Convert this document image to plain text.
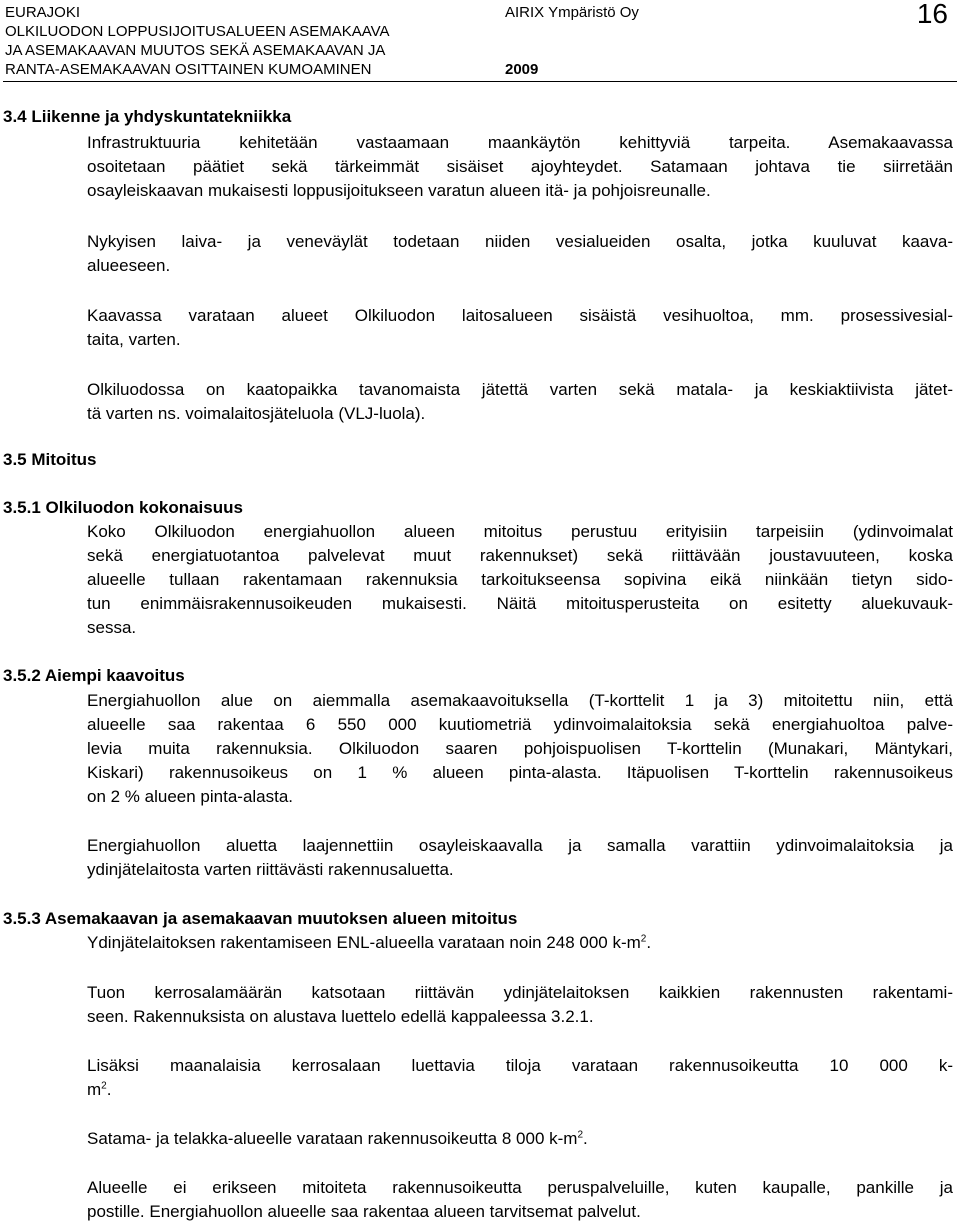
EURAJOKI
OLKILUODON LOPPUSIJOITUSALUEEN ASEMAKAAVA
JA ASEMAKAAVAN MUUTOS SEKÄ ASEMAKAAVAN JA
RANTA-ASEMAKAAVAN OSITTAINEN KUMOAMINEN
AIRIX Ympäristö Oy
2009
16
3.4 Liikenne ja yhdyskuntatekniikka
Infrastruktuuria kehitetään vastaamaan maankäytön kehittyviä tarpeita. Asemakaavassa
osoitetaan päätiet sekä tärkeimmät sisäiset ajoyhteydet. Satamaan johtava tie siirretään
osayleiskaavan mukaisesti loppusijoitukseen varatun alueen itä- ja pohjoisreunalle.
Nykyisen laiva- ja veneväylät todetaan niiden vesialueiden osalta, jotka kuuluvat kaava-
alueeseen.
Kaavassa varataan alueet Olkiluodon laitosalueen sisäistä vesihuoltoa, mm. prosessivesial-
taita, varten.
Olkiluodossa on kaatopaikka tavanomaista jätettä varten sekä matala- ja keskiaktiivista jätet-
tä varten ns. voimalaitosjäteluola (VLJ-luola).
3.5 Mitoitus
3.5.1 Olkiluodon kokonaisuus
Koko Olkiluodon energiahuollon alueen mitoitus perustuu erityisiin tarpeisiin (ydinvoimalat
sekä energiatuotantoa palvelevat muut rakennukset) sekä riittävään joustavuuteen, koska
alueelle tullaan rakentamaan rakennuksia tarkoitukseensa sopivina eikä niinkään tietyn sido-
tun enimmäisrakennusoikeuden mukaisesti. Näitä mitoitusperusteita on esitetty aluekuvauk-
sessa.
3.5.2 Aiempi kaavoitus
Energiahuollon alue on aiemmalla asemakaavoituksella (T-korttelit 1 ja 3) mitoitettu niin, että
alueelle saa rakentaa 6 550 000 kuutiometriä ydinvoimalaitoksia sekä energiahuoltoa palve-
levia muita rakennuksia. Olkiluodon saaren pohjoispuolisen T-korttelin (Munakari, Mäntykari,
Kiskari) rakennusoikeus on 1 % alueen pinta-alasta. Itäpuolisen T-korttelin rakennusoikeus
on 2 % alueen pinta-alasta.
Energiahuollon aluetta laajennettiin osayleiskaavalla ja samalla varattiin ydinvoimalaitoksia ja
ydinjätelaitosta varten riittävästi rakennusaluetta.
3.5.3 Asemakaavan ja asemakaavan muutoksen alueen mitoitus
Ydinjätelaitoksen rakentamiseen ENL-alueella varataan noin 248 000 $k-m^2$.
Tuon kerrosalamäärän katsotaan riittävän ydinjätelaitoksen kaikkien rakennusten rakentami-
seen. Rakennuksista on alustava luettelo edellä kappaleessa 3.2.1.
Lisäksi maanalaisia kerrosalaan luettavia tiloja varataan rakennusoikeutta 10 000 k-
$m^2$.
Satama- ja telakka-alueelle varataan rakennusoikeutta 8 000 $k-m^2$.
Alueelle ei erikseen mitoiteta rakennusoikeutta peruspalveluille, kuten kaupalle, pankille ja
postille. Energiahuollon alueelle saa rakentaa alueen tarvitsemat palvelut.
